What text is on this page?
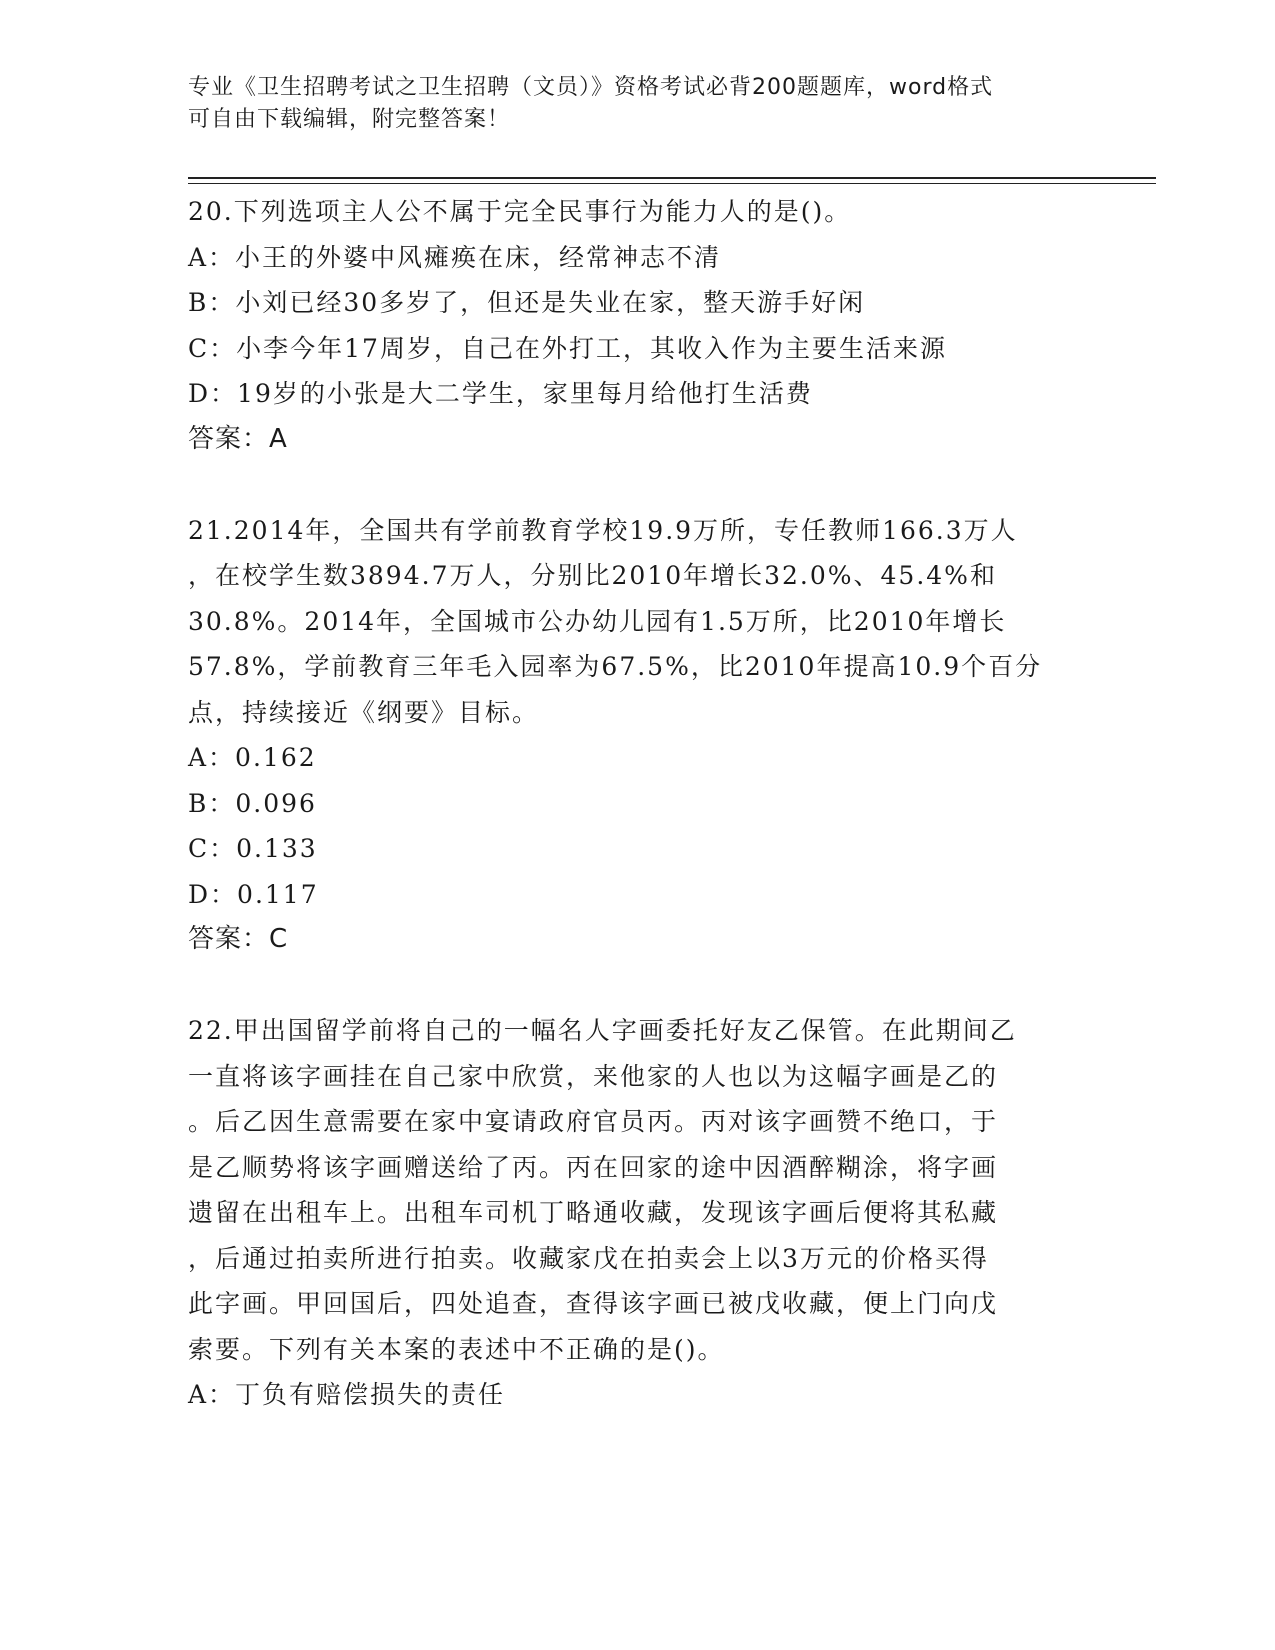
专业《卫生招聘考试之卫生招聘（文员）》资格考试必背200题题库，word格式
可自由下载编辑，附完整答案！
20.下列选项主人公不属于完全民事行为能力人的是()。
A：小王的外婆中风瘫痪在床，经常神志不清
B：小刘已经30多岁了，但还是失业在家，整天游手好闲
C：小李今年17周岁，自己在外打工，其收入作为主要生活来源
D：19岁的小张是大二学生，家里每月给他打生活费
答案：A
21.2014年，全国共有学前教育学校19.9万所，专任教师166.3万人
，在校学生数3894.7万人，分别比2010年增长32.0%、45.4%和
30.8%。2014年，全国城市公办幼儿园有1.5万所，比2010年增长
57.8%，学前教育三年毛入园率为67.5%，比2010年提高10.9个百分
点，持续接近《纲要》目标。
A：0.162
B：0.096
C：0.133
D：0.117
答案：C
22.甲出国留学前将自己的一幅名人字画委托好友乙保管。在此期间乙
一直将该字画挂在自己家中欣赏，来他家的人也以为这幅字画是乙的
。后乙因生意需要在家中宴请政府官员丙。丙对该字画赞不绝口，于
是乙顺势将该字画赠送给了丙。丙在回家的途中因酒醉糊涂，将字画
遗留在出租车上。出租车司机丁略通收藏，发现该字画后便将其私藏
，后通过拍卖所进行拍卖。收藏家戊在拍卖会上以3万元的价格买得
此字画。甲回国后，四处追查，查得该字画已被戊收藏，便上门向戊
索要。下列有关本案的表述中不正确的是()。
A：丁负有赔偿损失的责任
